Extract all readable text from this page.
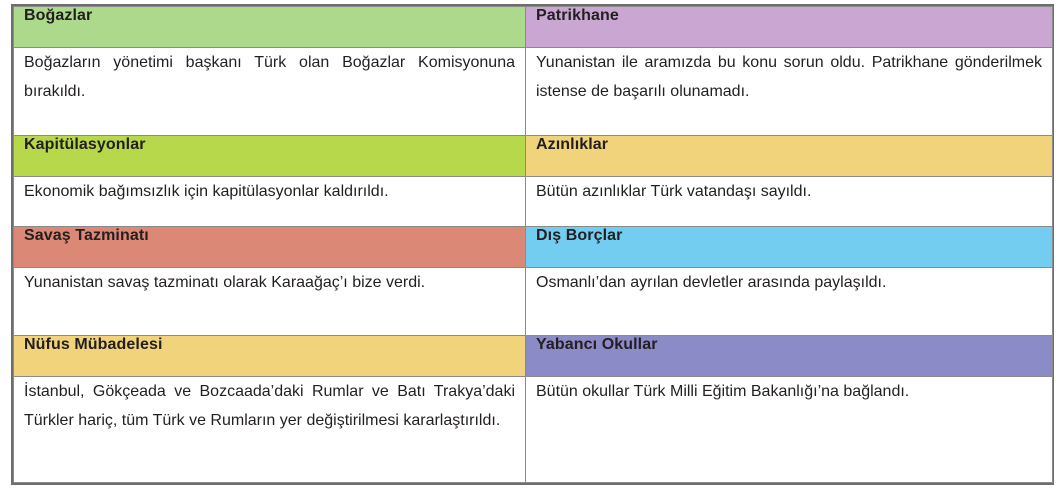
Boğazlar	Patrikhane
Boğazların yönetimi başkanı Türk olan Boğazlar Komisyonuna bırakıldı.	Yunanistan ile aramızda bu konu sorun oldu. Patrikhane gönderilmek istense de başarılı olunamadı.
Kapitülasyonlar	Azınlıklar
Ekonomik bağımsızlık için kapitülasyonlar kaldırıldı.	Bütün azınlıklar Türk vatandaşı sayıldı.
Savaş Tazminatı	Dış Borçlar
Yunanistan savaş tazminatı olarak Karaağaç’ı bize verdi.	Osmanlı’dan ayrılan devletler arasında paylaşıldı.
Nüfus Mübadelesi	Yabancı Okullar
İstanbul, Gökçeada ve Bozcaada’daki Rumlar ve Batı Trakya’daki Türkler hariç, tüm Türk ve Rumların yer değiştirilmesi kararlaştırıldı.	Bütün okullar Türk Milli Eğitim Bakanlığı’na bağlandı.
